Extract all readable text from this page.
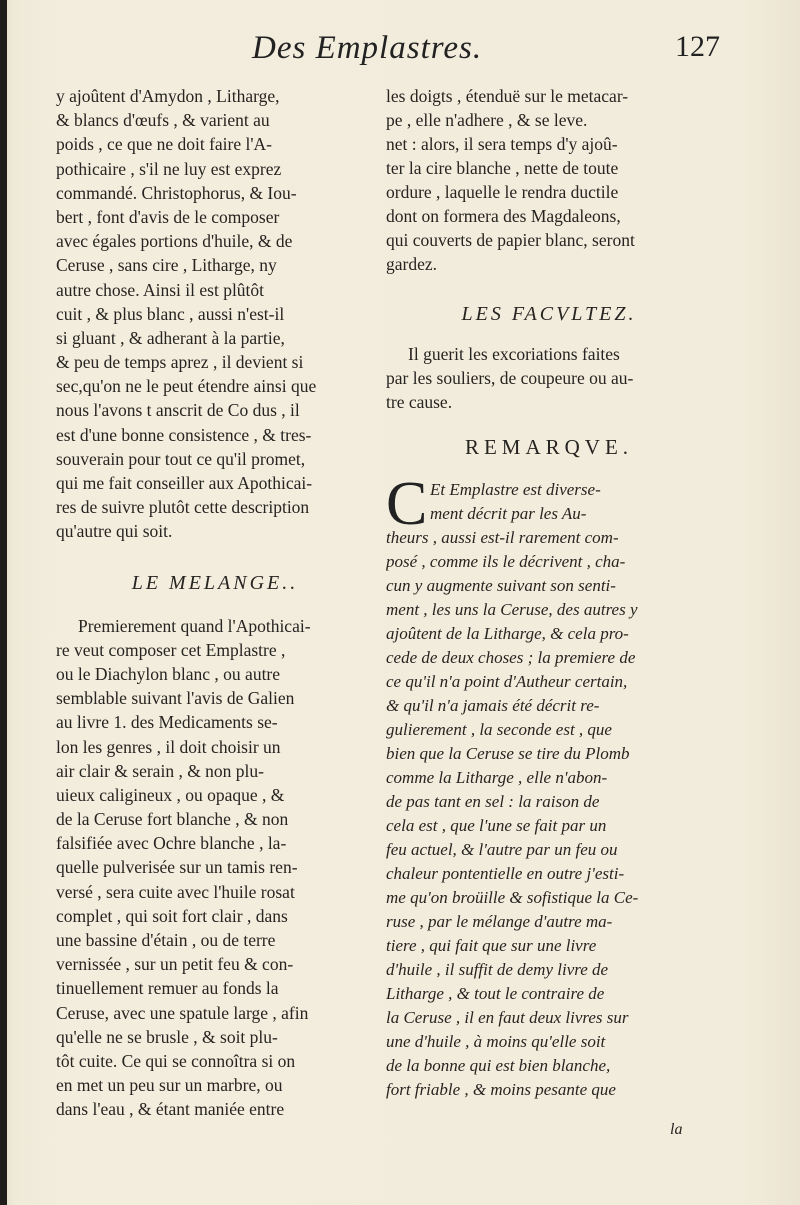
Des Emplastres.	127
y ajoûtent d'Amydon , Litharge,
& blancs d'œufs , & varient au
poids , ce que ne doit faire l'A-
pothicaire , s'il ne luy est exprez
commandé. Christophorus, & Iou-
bert , font d'avis de le composer
avec égales portions d'huile, & de
Ceruse , sans cire , Litharge, ny
autre chose. Ainsi il est plûtôt
cuit , & plus blanc , aussi n'est-il
si gluant , & adherant à la partie,
& peu de temps aprez , il devient si
sec,qu'on ne le peut étendre ainsi que
nous l'avons t anscrit de Co dus , il
est d'une bonne consistence , & tres-
souverain pour tout ce qu'il promet,
qui me fait conseiller aux Apothicai-
res de suivre plutôt cette description
qu'autre qui soit.
LE MELANGE..
Premierement quand l'Apothicai-
re veut composer cet Emplastre ,
ou le Diachylon blanc , ou autre
semblable suivant l'avis de Galien
au livre 1. des Medicaments se-
lon les genres , il doit choisir un
air clair & serain , & non plu-
uieux caligineux , ou opaque , &
de la Ceruse fort blanche , & non
falsifiée avec Ochre blanche , la-
quelle pulverisée sur un tamis ren-
versé , sera cuite avec l'huile rosat
complet , qui soit fort clair , dans
une bassine d'étain , ou de terre
vernissée , sur un petit feu & con-
tinuellement remuer au fonds la
Ceruse, avec une spatule large , afin
qu'elle ne se brusle , & soit plu-
tôt cuite. Ce qui se connoîtra si on
en met un peu sur un marbre, ou
dans l'eau , & étant maniée entre
les doigts , étenduë sur le metacar-
pe , elle n'adhere , & se leve.
net : alors, il sera temps d'y ajoû-
ter la cire blanche , nette de toute
ordure , laquelle le rendra ductile
dont on formera des Magdaleons,
qui couverts de papier blanc, seront
gardez.
LES FACVLTEZ.
Il guerit les excoriations faites
par les souliers, de coupeure ou au-
tre cause.
REMARQVE.
C Et Emplastre est diverse-
ment décrit par les Au-
theurs , aussi est-il rarement com-
posé , comme ils le décrivent , cha-
cun y augmente suivant son senti-
ment , les uns la Ceruse, des autres y
ajoûtent de la Litharge, & cela pro-
cede de deux choses ; la premiere de
ce qu'il n'a point d'Autheur certain,
& qu'il n'a jamais été décrit re-
gulierement , la seconde est , que
bien que la Ceruse se tire du Plomb
comme la Litharge , elle n'abon-
de pas tant en sel : la raison de
cela est , que l'une se fait par un
feu actuel, & l'autre par un feu ou
chaleur pontentielle en outre j'esti-
me qu'on broüille & sofistique la Ce-
ruse , par le mélange d'autre ma-
tiere , qui fait que sur une livre
d'huile , il suffit de demy livre de
Litharge , & tout le contraire de
la Ceruse , il en faut deux livres sur
une d'huile , à moins qu'elle soit
de la bonne qui est bien blanche,
fort friable , & moins pesante que
la
